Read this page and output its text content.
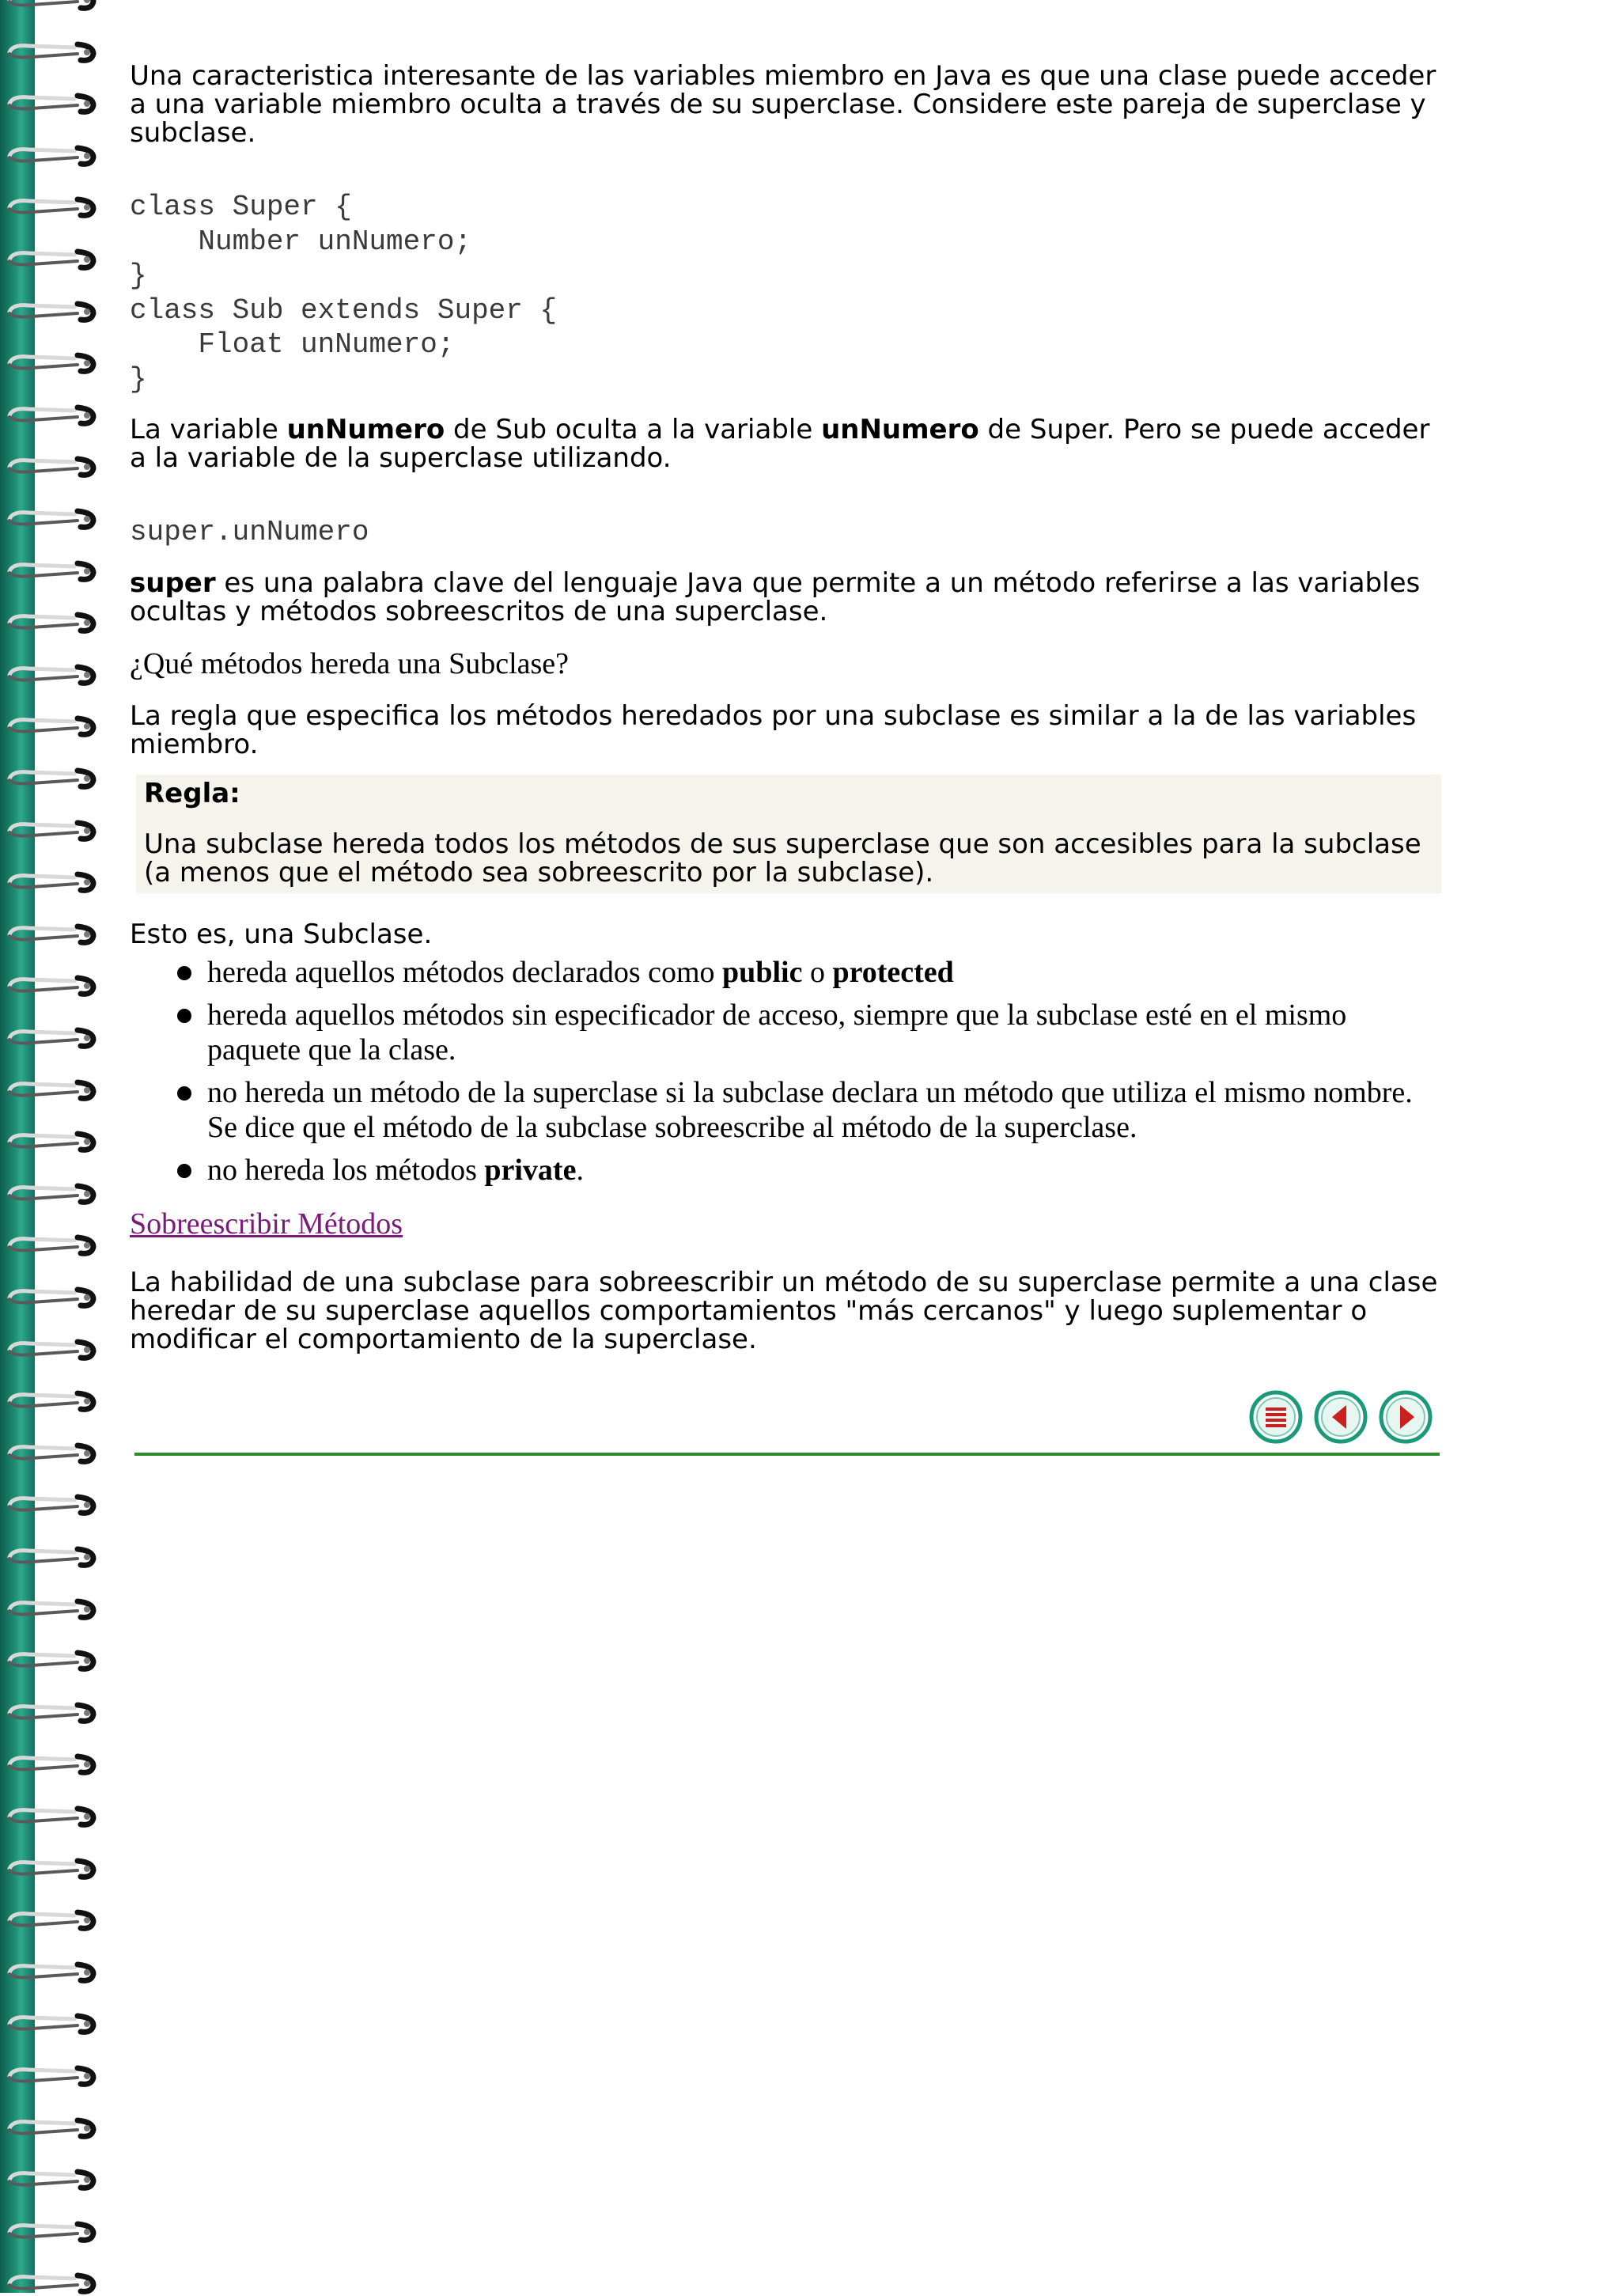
Una caracteristica interesante de las variables miembro en Java es que una clase puede acceder a una variable miembro oculta a través de su superclase. Considere este pareja de superclase y subclase.

class Super {
Number unNumero;
}
class Sub extends Super {
Float unNumero;
}

La variable unNumero de Sub oculta a la variable unNumero de Super. Pero se puede acceder a la variable de la superclase utilizando.

super.unNumero

super es una palabra clave del lenguaje Java que permite a un método referirse a las variables ocultas y métodos sobreescritos de una superclase.

¿Qué métodos hereda una Subclase?

La regla que especifica los métodos heredados por una subclase es similar a la de las variables miembro.

Regla:
Una subclase hereda todos los métodos de sus superclase que son accesibles para la subclase (a menos que el método sea sobreescrito por la subclase).

Esto es, una Subclase.

hereda aquellos métodos declarados como public o protected
hereda aquellos métodos sin especificador de acceso, siempre que la subclase esté en el mismo paquete que la clase.
no hereda un método de la superclase si la subclase declara un método que utiliza el mismo nombre. Se dice que el método de la subclase sobreescribe al método de la superclase.
no hereda los métodos private.
Sobreescribir Métodos

La habilidad de una subclase para sobreescribir un método de su superclase permite a una clase heredar de su superclase aquellos comportamientos "más cercanos" y luego suplementar o modificar el comportamiento de la superclase.
